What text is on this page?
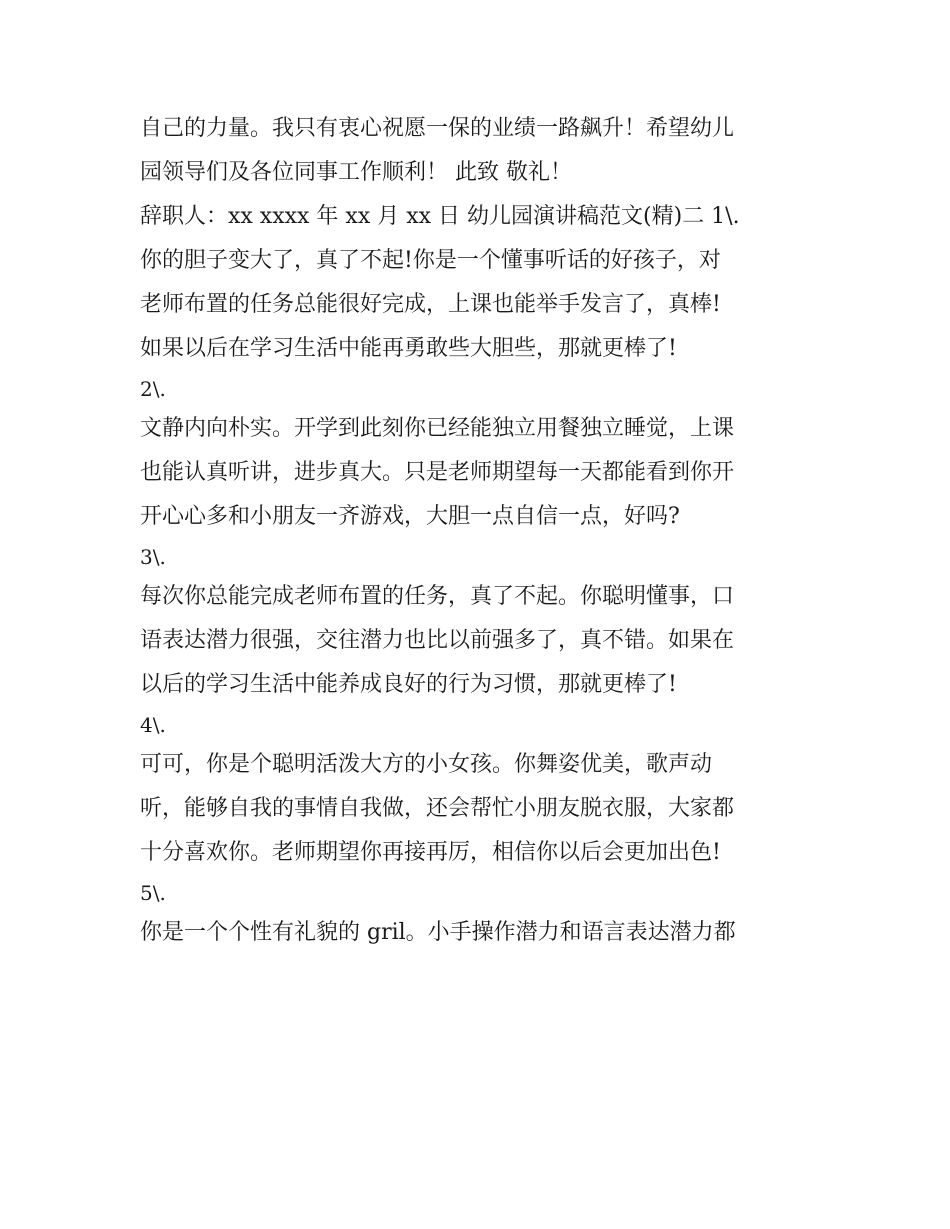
自己的力量。我只有衷心祝愿一保的业绩一路飙升！希望幼儿
园领导们及各位同事工作顺利！ 此致 敬礼！
辞职人：xx xxxx 年 xx 月 xx 日 幼儿园演讲稿范文(精)二 1\.
你的胆子变大了，真了不起!你是一个懂事听话的好孩子，对
老师布置的任务总能很好完成，上课也能举手发言了，真棒!
如果以后在学习生活中能再勇敢些大胆些，那就更棒了!
2\.
文静内向朴实。开学到此刻你已经能独立用餐独立睡觉，上课
也能认真听讲，进步真大。只是老师期望每一天都能看到你开
开心心多和小朋友一齐游戏，大胆一点自信一点，好吗?
3\.
每次你总能完成老师布置的任务，真了不起。你聪明懂事，口
语表达潜力很强，交往潜力也比以前强多了，真不错。如果在
以后的学习生活中能养成良好的行为习惯，那就更棒了!
4\.
可可，你是个聪明活泼大方的小女孩。你舞姿优美，歌声动
听，能够自我的事情自我做，还会帮忙小朋友脱衣服，大家都
十分喜欢你。老师期望你再接再厉，相信你以后会更加出色!
5\.
你是一个个性有礼貌的 gril。小手操作潜力和语言表达潜力都
